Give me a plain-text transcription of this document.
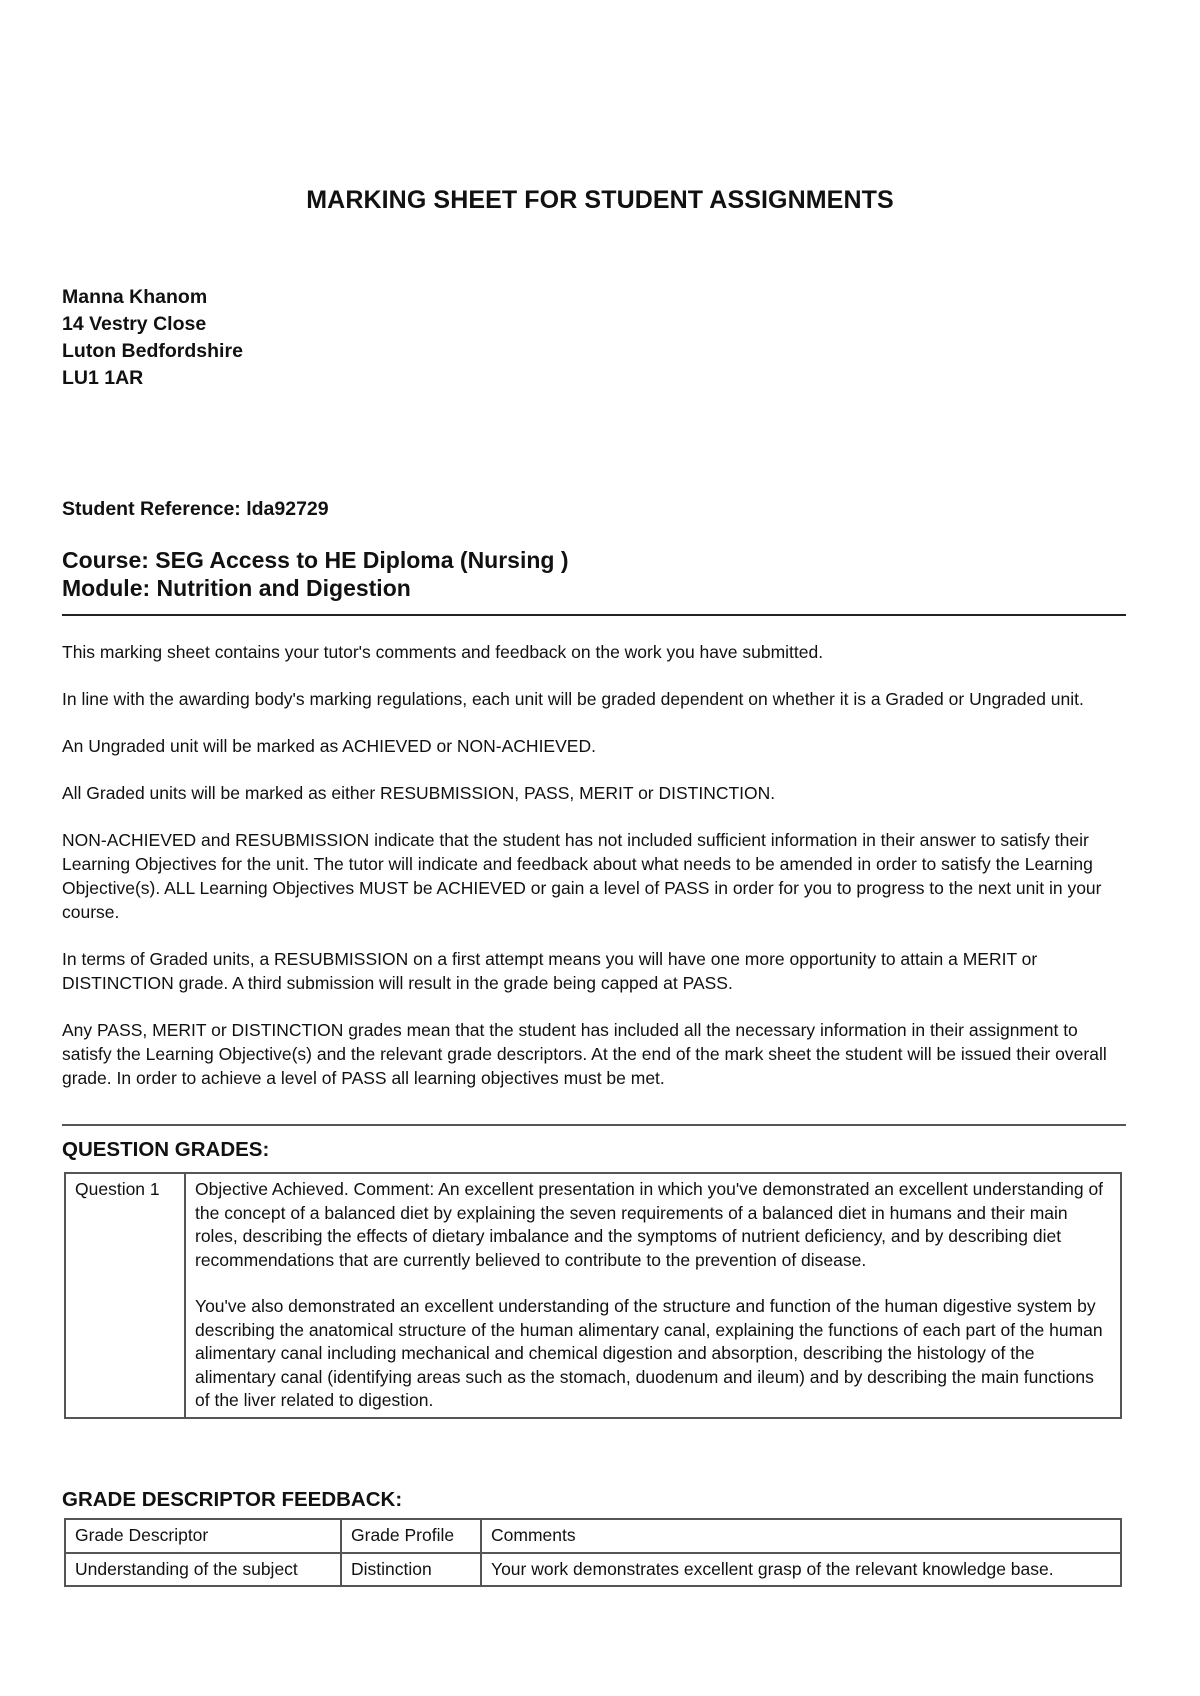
MARKING SHEET FOR STUDENT ASSIGNMENTS
Manna Khanom
14 Vestry Close
Luton Bedfordshire
LU1 1AR
Student Reference: lda92729
Course: SEG Access to HE Diploma (Nursing )
Module: Nutrition and Digestion

This marking sheet contains your tutor's comments and feedback on the work you have submitted.

In line with the awarding body's marking regulations, each unit will be graded dependent on whether it is a Graded or Ungraded unit.

An Ungraded unit will be marked as ACHIEVED or NON-ACHIEVED.

All Graded units will be marked as either RESUBMISSION, PASS, MERIT or DISTINCTION.

NON-ACHIEVED and RESUBMISSION indicate that the student has not included sufficient information in their answer to satisfy their Learning Objectives for the unit. The tutor will indicate and feedback about what needs to be amended in order to satisfy the Learning Objective(s). ALL Learning Objectives MUST be ACHIEVED or gain a level of PASS in order for you to progress to the next unit in your course.

In terms of Graded units, a RESUBMISSION on a first attempt means you will have one more opportunity to attain a MERIT or DISTINCTION grade. A third submission will result in the grade being capped at PASS.

Any PASS, MERIT or DISTINCTION grades mean that the student has included all the necessary information in their assignment to satisfy the Learning Objective(s) and the relevant grade descriptors. At the end of the mark sheet the student will be issued their overall grade. In order to achieve a level of PASS all learning objectives must be met.

QUESTION GRADES:
Question 1	Objective Achieved. Comment: An excellent presentation in which you've demonstrated an excellent understanding of the concept of a balanced diet by explaining the seven requirements of a balanced diet in humans and their main roles, describing the effects of dietary imbalance and the symptoms of nutrient deficiency, and by describing diet recommendations that are currently believed to contribute to the prevention of disease.

You've also demonstrated an excellent understanding of the structure and function of the human digestive system by describing the anatomical structure of the human alimentary canal, explaining the functions of each part of the human alimentary canal including mechanical and chemical digestion and absorption, describing the histology of the alimentary canal (identifying areas such as the stomach, duodenum and ileum) and by describing the main functions of the liver related to digestion.

GRADE DESCRIPTOR FEEDBACK:
Grade Descriptor	Grade Profile	Comments
Understanding of the subject	Distinction	Your work demonstrates excellent grasp of the relevant knowledge base.
